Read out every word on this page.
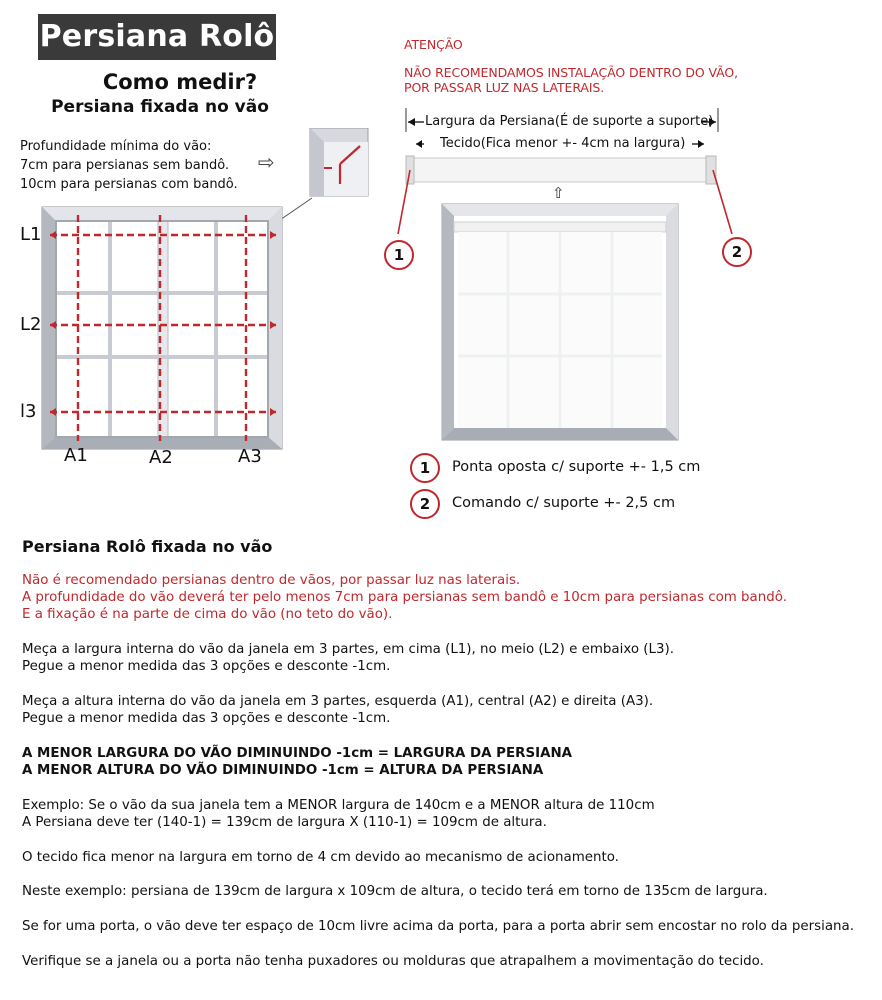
Persiana Rolô
Como medir?
Persiana fixada no vão
Profundidade mínima do vão:
7cm para persianas sem bandô.
10cm para persianas com bandô.
⇨
L1
L2
l3
A1	A2	A3
ATENÇÃO
NÃO RECOMENDAMOS INSTALAÇÃO DENTRO DO VÃO,
POR PASSAR LUZ NAS LATERAIS.
Largura da Persiana(É de suporte a suporte)
Tecido(Fica menor +- 4cm na largura)
⇧
1	2
1	Ponta oposta c/ suporte +- 1,5 cm
2	Comando c/ suporte +- 2,5 cm
Persiana Rolô fixada no vão
Não é recomendado persianas dentro de vãos, por passar luz nas laterais.
A profundidade do vão deverá ter pelo menos 7cm para persianas sem bandô e 10cm para persianas com bandô.
E a fixação é na parte de cima do vão (no teto do vão).
Meça a largura interna do vão da janela em 3 partes, em cima (L1), no meio (L2) e embaixo (L3).
Pegue a menor medida das 3 opções e desconte -1cm.
Meça a altura interna do vão da janela em 3 partes, esquerda (A1), central (A2) e direita (A3).
Pegue a menor medida das 3 opções e desconte -1cm.
A MENOR LARGURA DO VÃO DIMINUINDO -1cm = LARGURA DA PERSIANA
A MENOR ALTURA DO VÃO DIMINUINDO -1cm = ALTURA DA PERSIANA
Exemplo: Se o vão da sua janela tem a MENOR largura de 140cm e a MENOR altura de 110cm
A Persiana deve ter (140-1) = 139cm de largura X (110-1) = 109cm de altura.
O tecido fica menor na largura em torno de 4 cm devido ao mecanismo de acionamento.
Neste exemplo: persiana de 139cm de largura x 109cm de altura, o tecido terá em torno de 135cm de largura.
Se for uma porta, o vão deve ter espaço de 10cm livre acima da porta, para a porta abrir sem encostar no rolo da persiana.
Verifique se a janela ou a porta não tenha puxadores ou molduras que atrapalhem a movimentação do tecido.
